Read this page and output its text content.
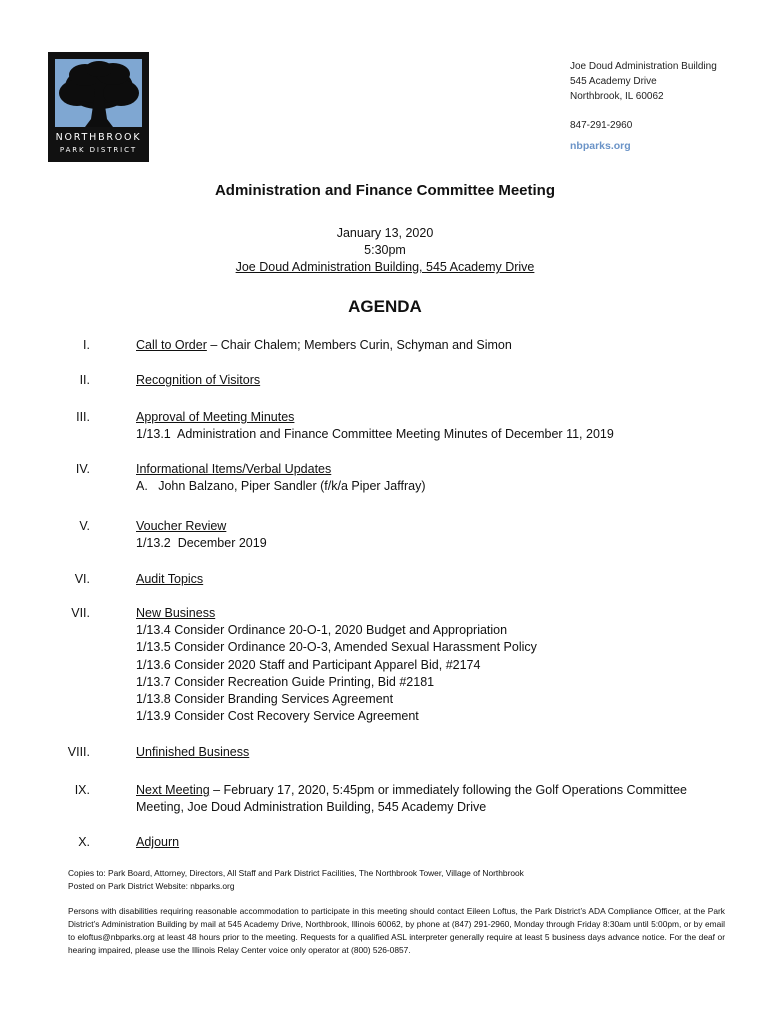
NORTHBROOK
PARK DISTRICT
Joe Doud Administration Building
545 Academy Drive
Northbrook, IL 60062
847-291-2960
nbparks.org
Administration and Finance Committee Meeting
January 13, 2020
5:30pm
Joe Doud Administration Building, 545 Academy Drive
AGENDA
I.	Call to Order – Chair Chalem; Members Curin, Schyman and Simon
II.	Recognition of Visitors
III.	Approval of Meeting Minutes
1/13.1  Administration and Finance Committee Meeting Minutes of December 11, 2019
IV.	Informational Items/Verbal Updates
A.   John Balzano, Piper Sandler (f/k/a Piper Jaffray)
V.	Voucher Review
1/13.2  December 2019
VI.	Audit Topics
VII.	New Business
1/13.4 Consider Ordinance 20-O-1, 2020 Budget and Appropriation
1/13.5 Consider Ordinance 20-O-3, Amended Sexual Harassment Policy
1/13.6 Consider 2020 Staff and Participant Apparel Bid, #2174
1/13.7 Consider Recreation Guide Printing, Bid #2181
1/13.8 Consider Branding Services Agreement
1/13.9 Consider Cost Recovery Service Agreement
VIII.	Unfinished Business
IX.	Next Meeting – February 17, 2020, 5:45pm or immediately following the Golf Operations Committee
Meeting, Joe Doud Administration Building, 545 Academy Drive
X.	Adjourn
Copies to: Park Board, Attorney, Directors, All Staff and Park District Facilities, The Northbrook Tower, Village of Northbrook
Posted on Park District Website: nbparks.org
Persons with disabilities requiring reasonable accommodation to participate in this meeting should contact Eileen Loftus, the Park District’s ADA Compliance Officer, at the Park District’s Administration Building by mail at 545 Academy Drive, Northbrook, Illinois 60062, by phone at (847) 291-2960, Monday through Friday 8:30am until 5:00pm, or by email to eloftus@nbparks.org at least 48 hours prior to the meeting. Requests for a qualified ASL interpreter generally require at least 5 business days advance notice. For the deaf or hearing impaired, please use the Illinois Relay Center voice only operator at (800) 526-0857.
